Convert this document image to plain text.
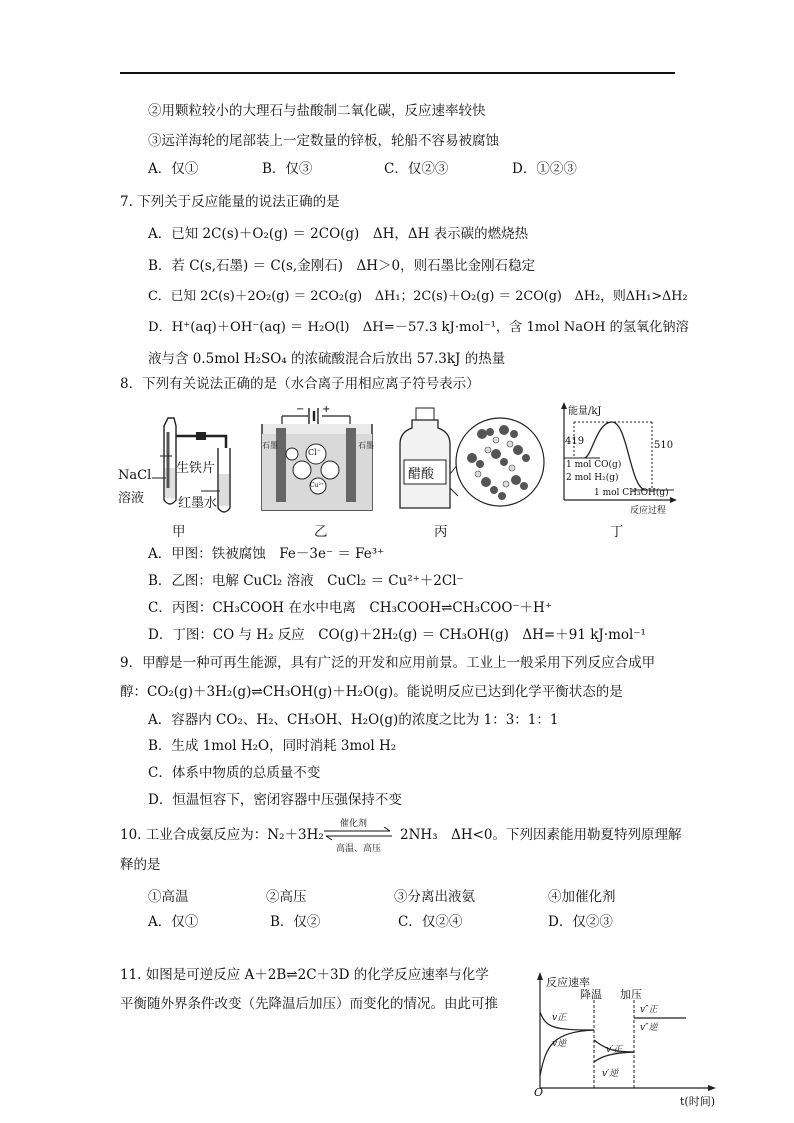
②用颗粒较小的大理石与盐酸制二氧化碳，反应速率较快
③远洋海轮的尾部装上一定数量的锌板，轮船不容易被腐蚀
A．仅①	B．仅③	C．仅②③	D．①②③
7. 下列关于反应能量的说法正确的是
A．已知 2C(s)＋O₂(g) ＝ 2CO(g)　ΔH，ΔH 表示碳的燃烧热
B．若 C(s,石墨) ＝ C(s,金刚石)　ΔH＞0，则石墨比金刚石稳定
C．已知 2C(s)＋2O₂(g) ＝ 2CO₂(g)　ΔH₁；2C(s)＋O₂(g) ＝ 2CO(g)　ΔH₂，则ΔH₁>ΔH₂
D．H⁺(aq)＋OH⁻(aq) ＝ H₂O(l)　ΔH=－57.3 kJ·mol⁻¹，含 1mol NaOH 的氢氧化钠溶
液与含 0.5mol H₂SO₄ 的浓硫酸混合后放出 57.3kJ 的热量
8．下列有关说法正确的是（水合离子用相应离子符号表示）
NaCl
溶液
生铁片
红墨水
甲
− +
石墨	石墨
Cl⁻
Cu²⁺
乙
醋酸
丙
能量/kJ
419	510
1 mol CO(g)
2 mol H₂(g)
1 mol CH₃OH(g)
反应过程
丁
A．甲图：铁被腐蚀　Fe－3e⁻ ＝ Fe³⁺
B．乙图：电解 CuCl₂ 溶液　CuCl₂ ＝ Cu²⁺＋2Cl⁻
C．丙图：CH₃COOH 在水中电离　CH₃COOH⇌CH₃COO⁻＋H⁺
D．丁图：CO 与 H₂ 反应　CO(g)＋2H₂(g) ＝ CH₃OH(g)　ΔH=＋91 kJ·mol⁻¹
9．甲醇是一种可再生能源，具有广泛的开发和应用前景。工业上一般采用下列反应合成甲
醇：CO₂(g)＋3H₂(g)⇌CH₃OH(g)＋H₂O(g)。能说明反应已达到化学平衡状态的是
A．容器内 CO₂、H₂、CH₃OH、H₂O(g)的浓度之比为 1：3：1：1
B．生成 1mol H₂O，同时消耗 3mol H₂
C．体系中物质的总质量不变
D．恒温恒容下，密闭容器中压强保持不变
10. 工业合成氨反应为：N₂＋3H₂
催化剂
高温、高压
2NH₃　ΔH<0。下列因素能用勒夏特列原理解
释的是
①高温	②高压	③分离出液氨	④加催化剂
A．仅①	B．仅②	C．仅②④	D．仅②③
11. 如图是可逆反应 A＋2B⇌2C＋3D 的化学反应速率与化学
平衡随外界条件改变（先降温后加压）而变化的情况。由此可推
反应速率
降温 加压
v正
v逆
v′正
v′逆
v″正
v″逆
O
t(时间)
